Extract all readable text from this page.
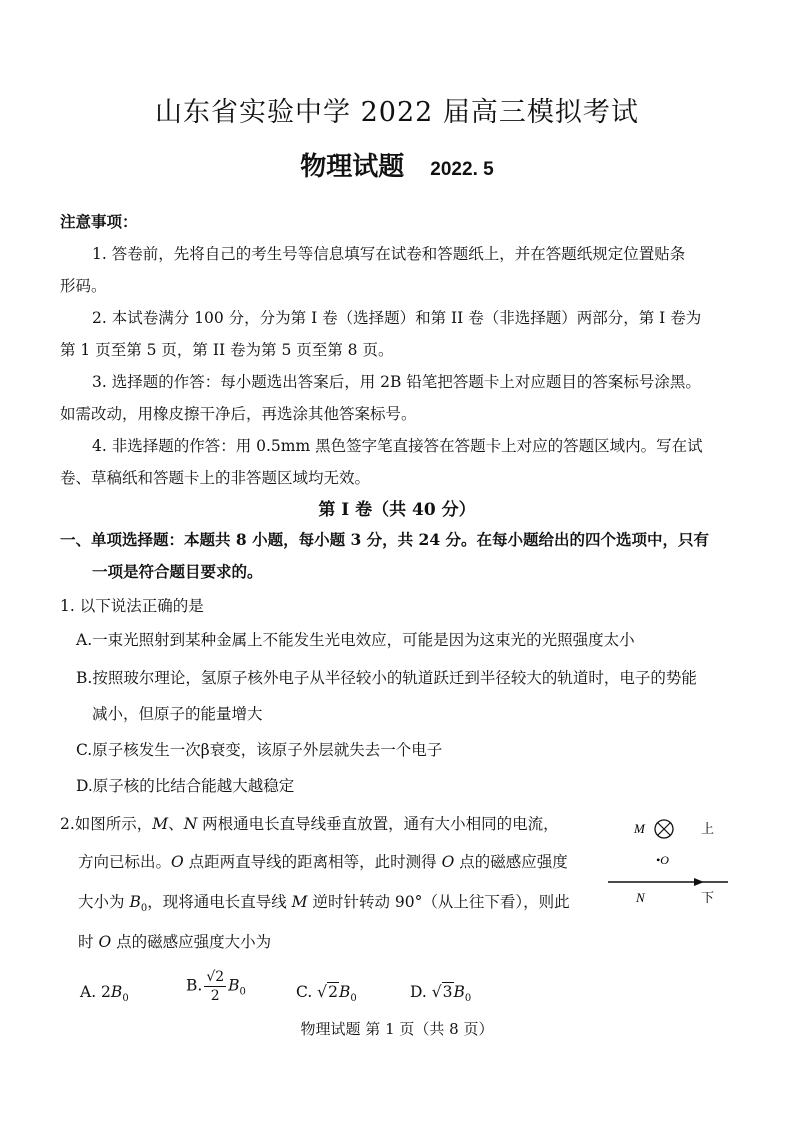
山东省实验中学 2022 届高三模拟考试
物理试题 2022. 5
注意事项：
1. 答卷前，先将自己的考生号等信息填写在试卷和答题纸上，并在答题纸规定位置贴条
形码。
2. 本试卷满分 100 分，分为第 I 卷（选择题）和第 II 卷（非选择题）两部分，第 I 卷为
第 1 页至第 5 页，第 II 卷为第 5 页至第 8 页。
3. 选择题的作答：每小题选出答案后，用 2B 铅笔把答题卡上对应题目的答案标号涂黑。
如需改动，用橡皮擦干净后，再选涂其他答案标号。
4. 非选择题的作答：用 0.5mm 黑色签字笔直接答在答题卡上对应的答题区域内。写在试
卷、草稿纸和答题卡上的非答题区域均无效。
第 I 卷（共 40 分）
一、单项选择题：本题共 8 小题，每小题 3 分，共 24 分。在每小题给出的四个选项中，只有
一项是符合题目要求的。
1. 以下说法正确的是
A.一束光照射到某种金属上不能发生光电效应，可能是因为这束光的光照强度太小
B.按照玻尔理论，氢原子核外电子从半径较小的轨道跃迁到半径较大的轨道时，电子的势能
减小，但原子的能量增大
C.原子核发生一次β衰变，该原子外层就失去一个电子
D.原子核的比结合能越大越稳定
2.如图所示，M、N 两根通电长直导线垂直放置，通有大小相同的电流，
方向已标出。O 点距两直导线的距离相等，此时测得 O 点的磁感应强度
大小为 $B_0$，现将通电长直导线 M 逆时针转动 90°（从上往下看），则此
时 O 点的磁感应强度大小为
A. $2B_0$
B. $\frac{√2}{2} B_0$	C. $√2B_0$	D. $√3B_0$
M	上
•O
N	下
物理试题 第 1 页（共 8 页）
